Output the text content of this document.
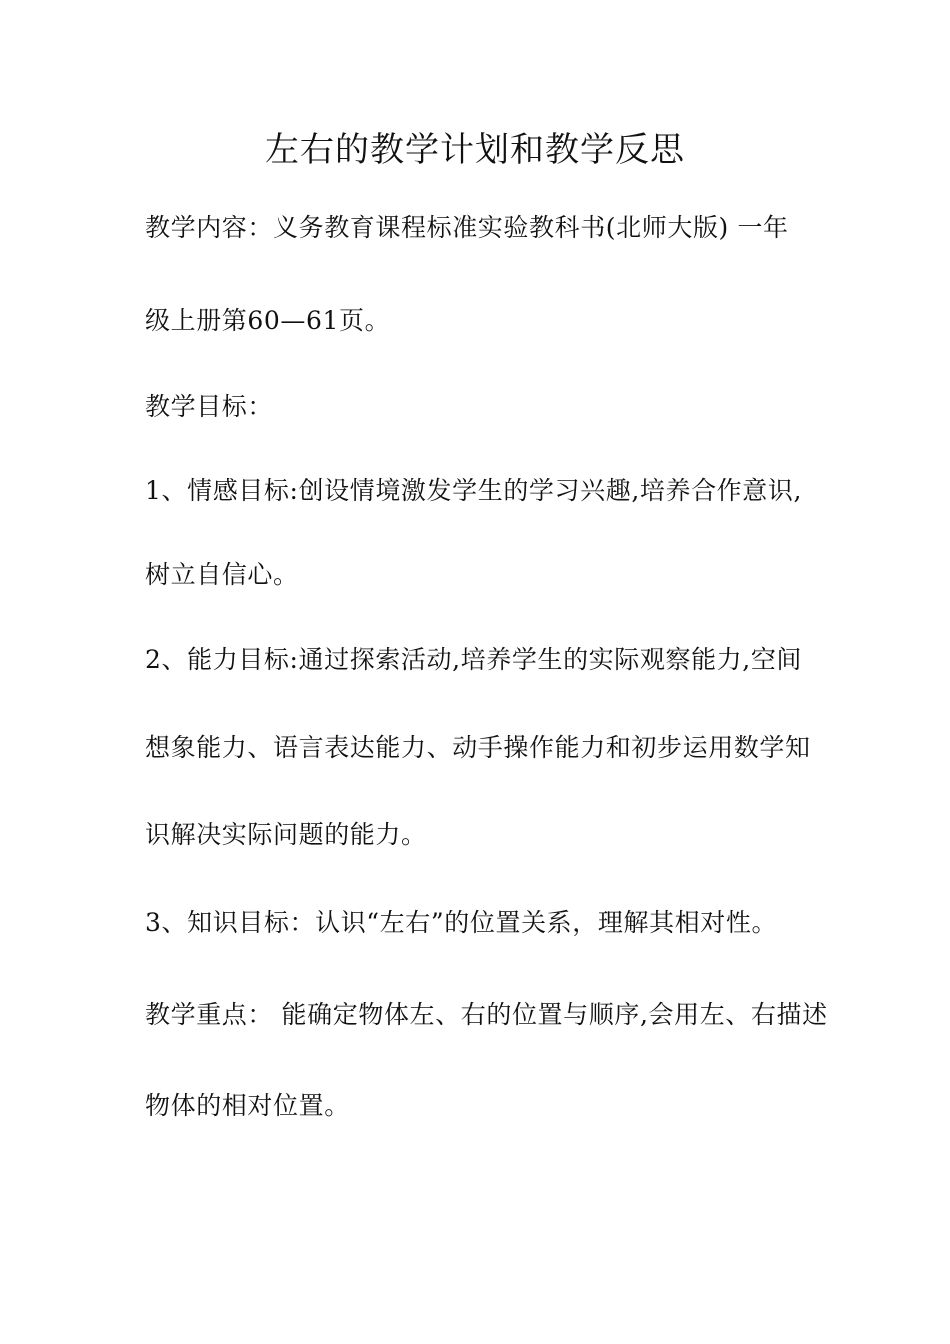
左右的教学计划和教学反思
教学内容：义务教育课程标准实验教科书(北师大版) 一年
级上册第60—61页。
教学目标：
1、情感目标:创设情境激发学生的学习兴趣,培养合作意识,
树立自信心。
2、能力目标:通过探索活动,培养学生的实际观察能力,空间
想象能力、语言表达能力、动手操作能力和初步运用数学知
识解决实际问题的能力。
3、知识目标：认识“左右”的位置关系，理解其相对性。
教学重点： 能确定物体左、右的位置与顺序,会用左、右描述
物体的相对位置。
